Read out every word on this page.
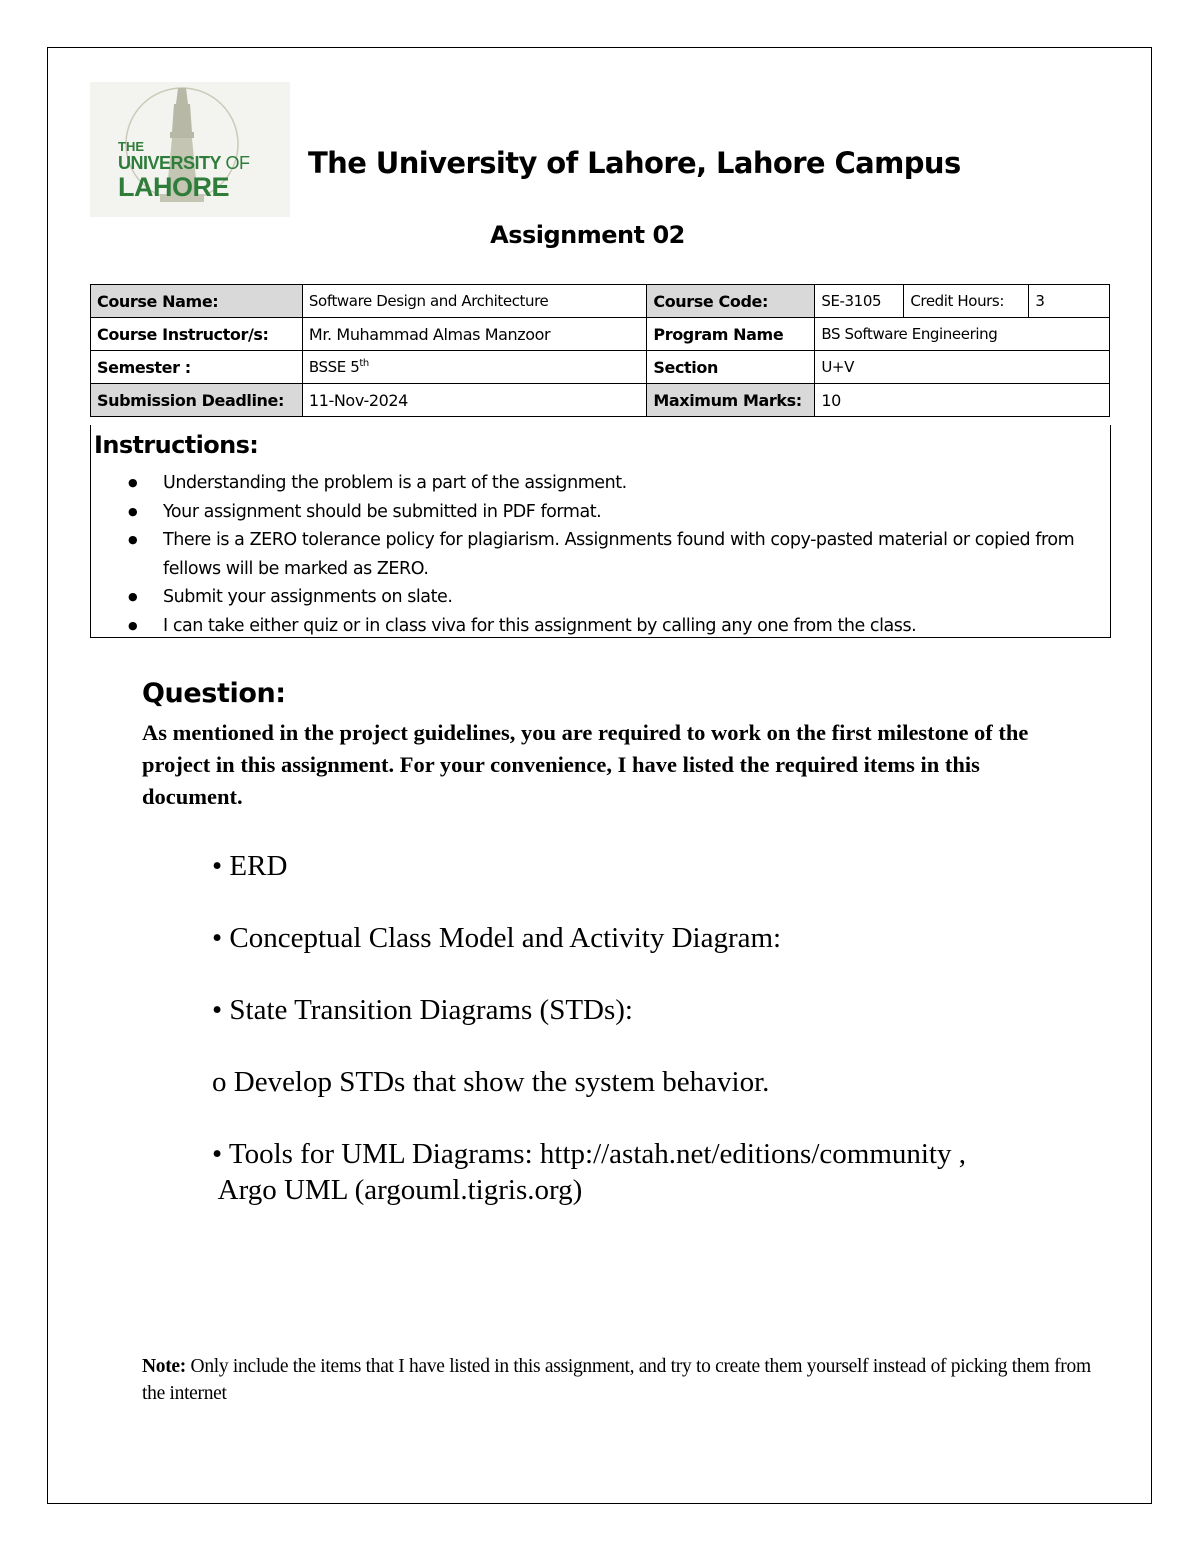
THE
UNIVERSITY OF
LAHORE
The University of Lahore, Lahore Campus
Assignment 02
Course Name:	Software Design and Architecture	Course Code:	SE-3105 Credit Hours: 3

Course Instructor/s:	Mr. Muhammad Almas Manzoor	Program Name	BS Software Engineering
Semester :	BSSE 5th	Section	U+V
Submission Deadline:	11-Nov-2024	Maximum Marks:	10
Instructions:
● Understanding the problem is a part of the assignment.
● Your assignment should be submitted in PDF format.
● There is a ZERO tolerance policy for plagiarism. Assignments found with copy-pasted material or copied from fellows will be marked as ZERO.
● Submit your assignments on slate.
● I can take either quiz or in class viva for this assignment by calling any one from the class.
Question:
As mentioned in the project guidelines, you are required to work on the first milestone of the project in this assignment. For your convenience, I have listed the required items in this document.
• ERD
• Conceptual Class Model and Activity Diagram:
• State Transition Diagrams (STDs):
o Develop STDs that show the system behavior.
• Tools for UML Diagrams: http://astah.net/editions/community ,
Argo UML (argouml.tigris.org)
Note: Only include the items that I have listed in this assignment, and try to create them yourself instead of picking them from the internet
